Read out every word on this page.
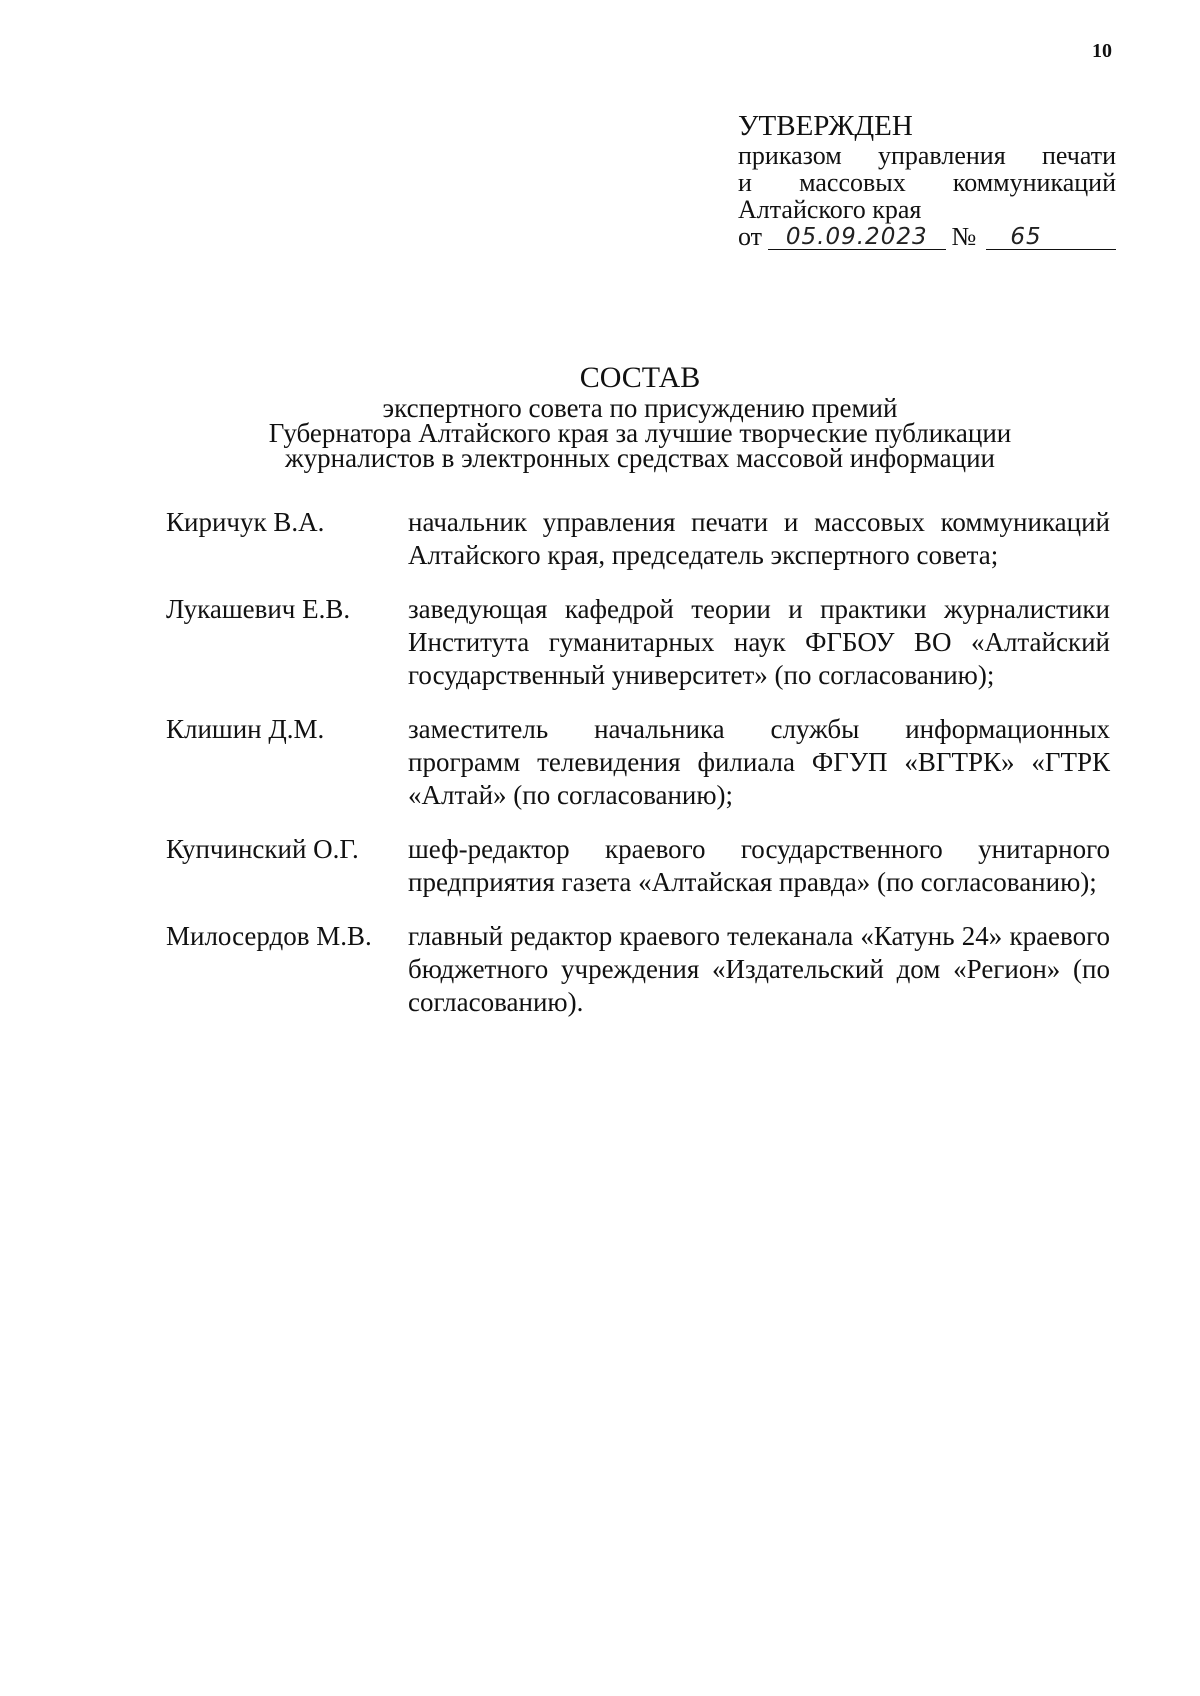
10
УТВЕРЖДЕН
приказом управления печати
и массовых коммуникаций
Алтайского края
от	05.09.2023 №	65
СОСТАВ
экспертного совета по присуждению премий
Губернатора Алтайского края за лучшие творческие публикации
журналистов в электронных средствах массовой информации
Киричук В.А.	начальник управления печати и массовых коммуникаций Алтайского края, председатель экспертного совета;
Лукашевич Е.В.	заведующая кафедрой теории и практики журналистики Института гуманитарных наук ФГБОУ ВО «Алтайский государственный университет» (по согласованию);
Клишин Д.М.	заместитель начальника службы информационных программ телевидения филиала ФГУП «ВГТРК» «ГТРК «Алтай» (по согласованию);
Купчинский О.Г.	шеф-редактор краевого государственного унитарного предприятия газета «Алтайская правда» (по согласованию);
Милосердов М.В.	главный редактор краевого телеканала «Катунь 24» краевого бюджетного учреждения «Издательский дом «Регион» (по согласованию).
